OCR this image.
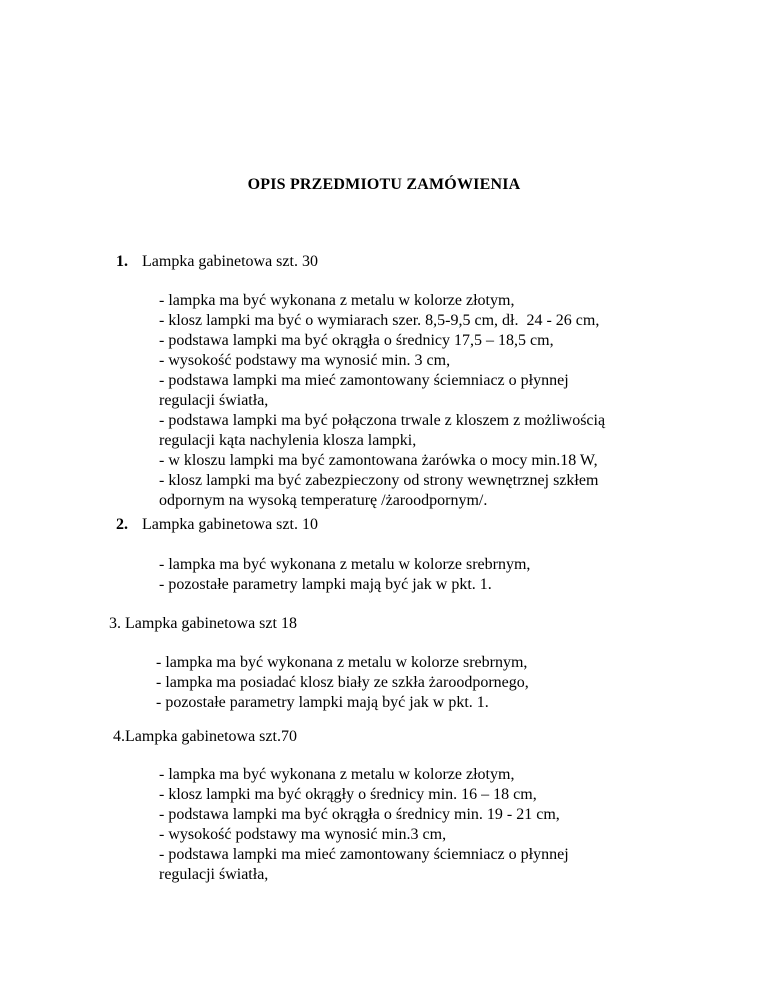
OPIS PRZEDMIOTU ZAMÓWIENIA
1. Lampka gabinetowa szt. 30
- lampka ma być wykonana z metalu w kolorze złotym,
- klosz lampki ma być o wymiarach szer. 8,5-9,5 cm, dł.  24 - 26 cm,
- podstawa lampki ma być okrągła o średnicy 17,5 – 18,5 cm,
- wysokość podstawy ma wynosić min. 3 cm,
- podstawa lampki ma mieć zamontowany ściemniacz o płynnej
regulacji światła,
- podstawa lampki ma być połączona trwale z kloszem z możliwością
regulacji kąta nachylenia klosza lampki,
- w kloszu lampki ma być zamontowana żarówka o mocy min.18 W,
- klosz lampki ma być zabezpieczony od strony wewnętrznej szkłem
odpornym na wysoką temperaturę /żaroodpornym/.
2. Lampka gabinetowa szt. 10
- lampka ma być wykonana z metalu w kolorze srebrnym,
- pozostałe parametry lampki mają być jak w pkt. 1.
3. Lampka gabinetowa szt 18
- lampka ma być wykonana z metalu w kolorze srebrnym,
- lampka ma posiadać klosz biały ze szkła żaroodpornego,
- pozostałe parametry lampki mają być jak w pkt. 1.
4.Lampka gabinetowa szt.70
- lampka ma być wykonana z metalu w kolorze złotym,
- klosz lampki ma być okrągły o średnicy min. 16 – 18 cm,
- podstawa lampki ma być okrągła o średnicy min. 19 - 21 cm,
- wysokość podstawy ma wynosić min.3 cm,
- podstawa lampki ma mieć zamontowany ściemniacz o płynnej
regulacji światła,
